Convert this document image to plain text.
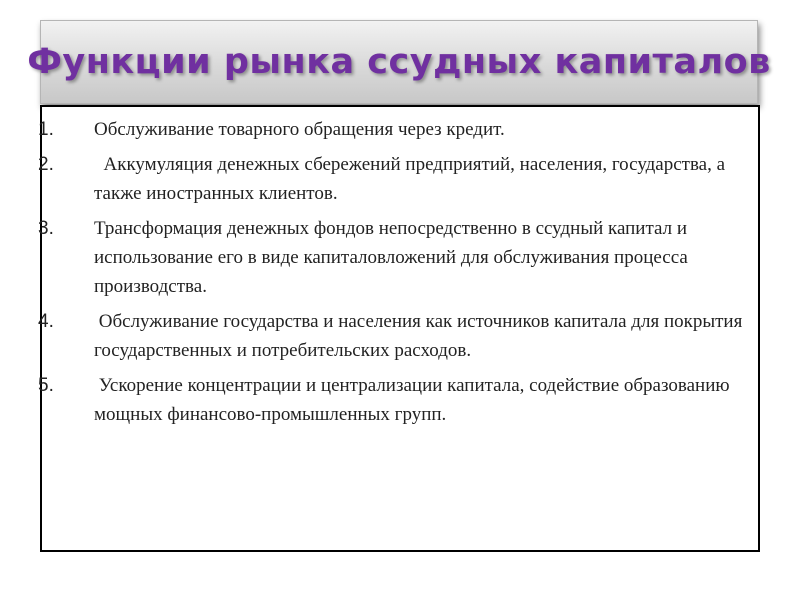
Функции рынка ссудных капиталов
1. Обслуживание товарного обращения через кредит.
2. Аккумуляция денежных сбережений предприятий, населения, государства, а также иностранных клиентов.
3. Трансформация денежных фондов непосредственно в ссудный капитал и использование его в виде капиталовложений для обслуживания процесса производства.
4. Обслуживание государства и населения как источников капитала для покрытия государственных и потребительских расходов.
5. Ускорение концентрации и централизации капитала, содействие образованию мощных финансово-промышленных групп.
